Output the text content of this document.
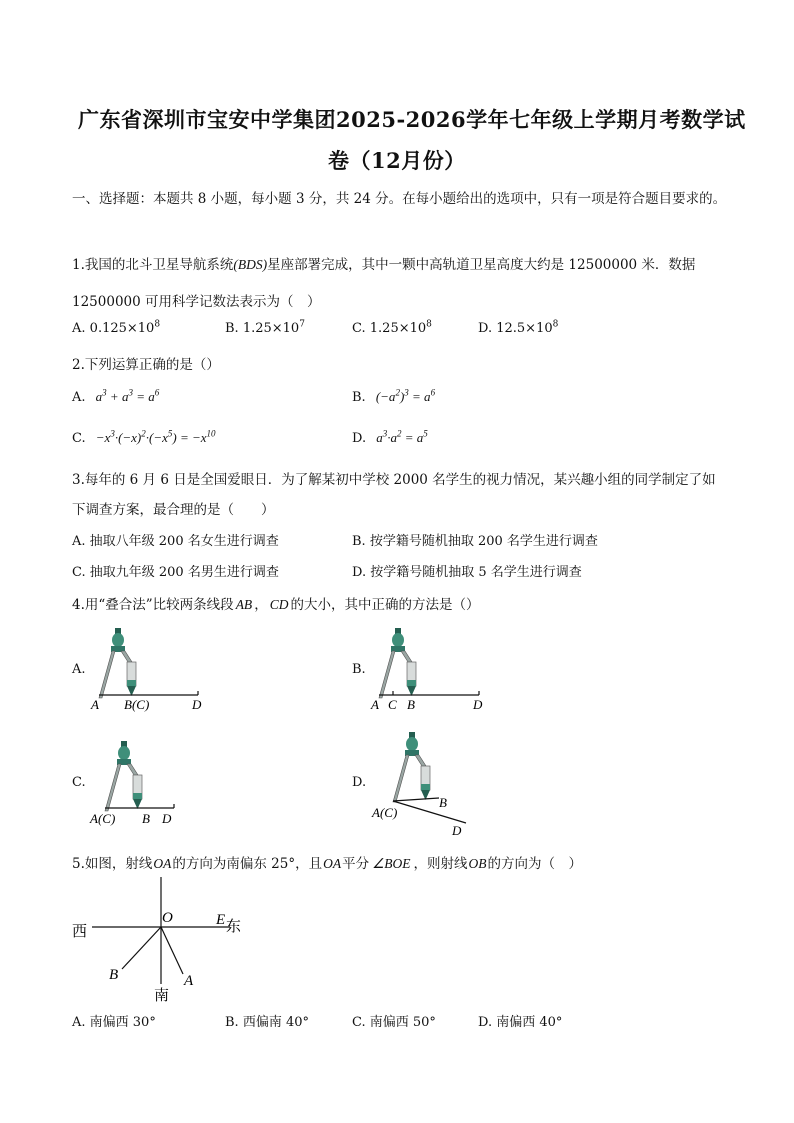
广东省深圳市宝安中学集团2025-2026学年七年级上学期月考数学试
卷（12月份）
一、选择题：本题共 8 小题，每小题 3 分，共 24 分。在每小题给出的选项中，只有一项是符合题目要求的。
1.我国的北斗卫星导航系统(BDS)星座部署完成，其中一颗中高轨道卫星高度大约是 12500000 米．数据
12500000 可用科学记数法表示为（　）
A. $0.125\times 10^8$	B. $1.25\times 10^7$	C. $1.25\times 10^8$	D. $12.5\times 10^8$
2.下列运算正确的是（）
A. $a^3 + a^3 = a^6$	B. $(-a^2)^3 = a^6$
C. $-x^3\cdot(-x)^2\cdot(-x^5) = -x^{10}$	D. $a^3\cdot a^2 = a^5$
3.每年的 6 月 6 日是全国爱眼日．为了解某初中学校 2000 名学生的视力情况，某兴趣小组的同学制定了如
下调查方案，最合理的是（　　）
A. 抽取八年级 200 名女生进行调查	B. 按学籍号随机抽取 200 名学生进行调查
C. 抽取九年级 200 名男生进行调查	D. 按学籍号随机抽取 5 名学生进行调查
4.用“叠合法”比较两条线段 AB ， CD 的大小，其中正确的方法是（）
A.	B.
C.	D.
A B(C)	D	A C B	D
A(C) B D	A(C)
B
D
5.如图，射线OA的方向为南偏东 25°，且OA平分 ∠BOE ，则射线OB的方向为（　）
西	东
南
O	E
A
B
A. 南偏西 30°	B. 西偏南 40°	C. 南偏西 50°	D. 南偏西 40°
